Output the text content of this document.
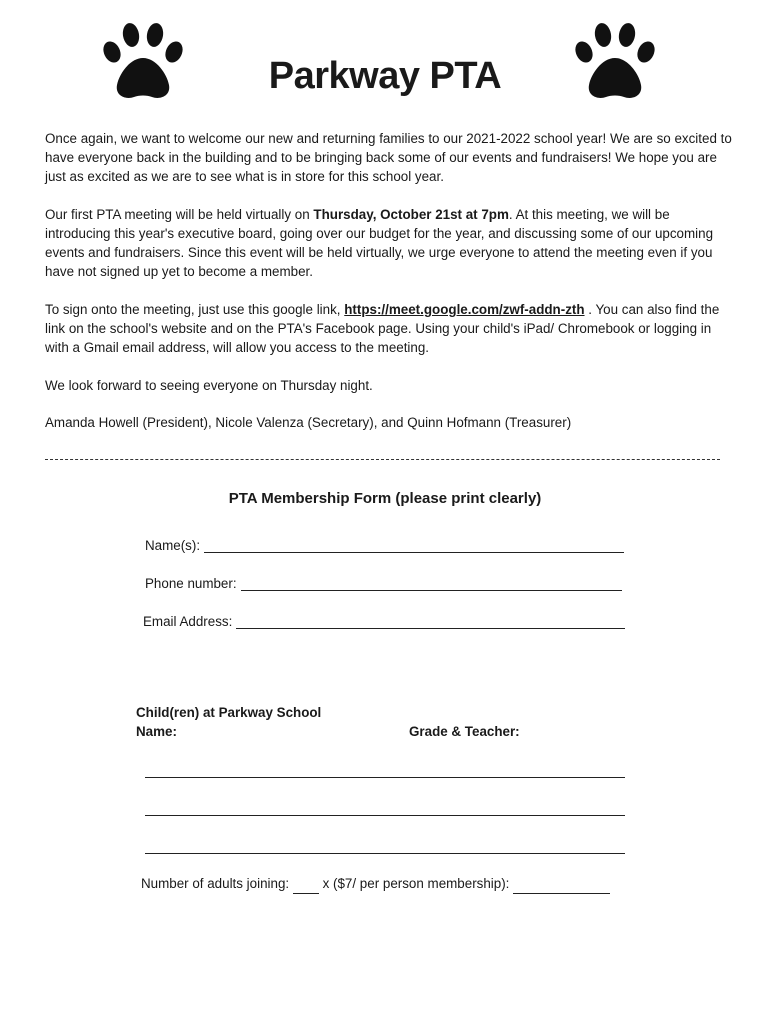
Parkway PTA

Once again, we want to welcome our new and returning families to our 2021-2022 school year! We are so excited to have everyone back in the building and to be bringing back some of our events and fundraisers! We hope you are just as excited as we are to see what is in store for this school year.

Our first PTA meeting will be held virtually on Thursday, October 21st at 7pm. At this meeting, we will be introducing this year's executive board, going over our budget for the year, and discussing some of our upcoming events and fundraisers. Since this event will be held virtually, we urge everyone to attend the meeting even if you have not signed up yet to become a member.

To sign onto the meeting, just use this google link, https://meet.google.com/zwf-addn-zth . You can also find the link on the school's website and on the PTA's Facebook page. Using your child's iPad/ Chromebook or logging in with a Gmail email address, will allow you access to the meeting.

We look forward to seeing everyone on Thursday night.

Amanda Howell (President), Nicole Valenza (Secretary), and Quinn Hofmann (Treasurer)

PTA Membership Form (please print clearly)
Name(s):
Phone number:
Email Address:
Child(ren) at Parkway School
Name:	Grade & Teacher:
Number of adults joining: x ($7/ per person membership):
